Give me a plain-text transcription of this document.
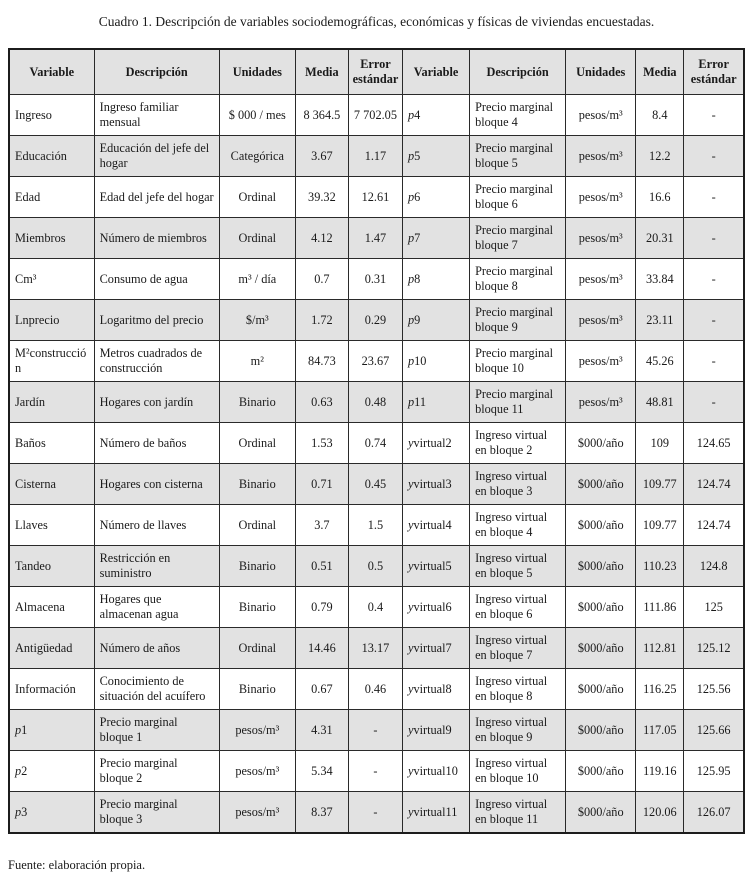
Cuadro 1. Descripción de variables sociodemográficas, económicas y físicas de viviendas encuestadas.
Variable	Descripción	Unidades	Media	Error estándar	Variable	Descripción	Unidades	Media	Error estándar
Ingreso	Ingreso familiar mensual	$ 000 / mes	8 364.5	7 702.05	p4	Precio marginal bloque 4	pesos/m³	8.4	-
Educación	Educación del jefe del hogar	Categórica	3.67	1.17	p5	Precio marginal bloque 5	pesos/m³	12.2	-
Edad	Edad del jefe del hogar	Ordinal	39.32	12.61	p6	Precio marginal bloque 6	pesos/m³	16.6	-
Miembros	Número de miembros	Ordinal	4.12	1.47	p7	Precio marginal bloque 7	pesos/m³	20.31	-
Cm³	Consumo de agua	m³ / día	0.7	0.31	p8	Precio marginal bloque 8	pesos/m³	33.84	-
Lnprecio	Logaritmo del precio	$/m³	1.72	0.29	p9	Precio marginal bloque 9	pesos/m³	23.11	-
M²construcción	Metros cuadrados de construcción	m²	84.73	23.67	p10	Precio marginal bloque 10	pesos/m³	45.26	-
Jardín	Hogares con jardín	Binario	0.63	0.48	p11	Precio marginal bloque 11	pesos/m³	48.81	-
Baños	Número de baños	Ordinal	1.53	0.74	yvirtual2	Ingreso virtual en bloque 2	$000/año	109	124.65
Cisterna	Hogares con cisterna	Binario	0.71	0.45	yvirtual3	Ingreso virtual en bloque 3	$000/año	109.77	124.74
Llaves	Número de llaves	Ordinal	3.7	1.5	yvirtual4	Ingreso virtual en bloque 4	$000/año	109.77	124.74
Tandeo	Restricción en suministro	Binario	0.51	0.5	yvirtual5	Ingreso virtual en bloque 5	$000/año	110.23	124.8
Almacena	Hogares que almacenan agua	Binario	0.79	0.4	yvirtual6	Ingreso virtual en bloque 6	$000/año	111.86	125
Antigüedad	Número de años	Ordinal	14.46	13.17	yvirtual7	Ingreso virtual en bloque 7	$000/año	112.81	125.12
Información	Conocimiento de situación del acuífero	Binario	0.67	0.46	yvirtual8	Ingreso virtual en bloque 8	$000/año	116.25	125.56
p1	Precio marginal bloque 1	pesos/m³	4.31	-	yvirtual9	Ingreso virtual en bloque 9	$000/año	117.05	125.66
p2	Precio marginal bloque 2	pesos/m³	5.34	-	yvirtual10	Ingreso virtual en bloque 10	$000/año	119.16	125.95
p3	Precio marginal bloque 3	pesos/m³	8.37	-	yvirtual11	Ingreso virtual en bloque 11	$000/año	120.06	126.07
Fuente: elaboración propia.
